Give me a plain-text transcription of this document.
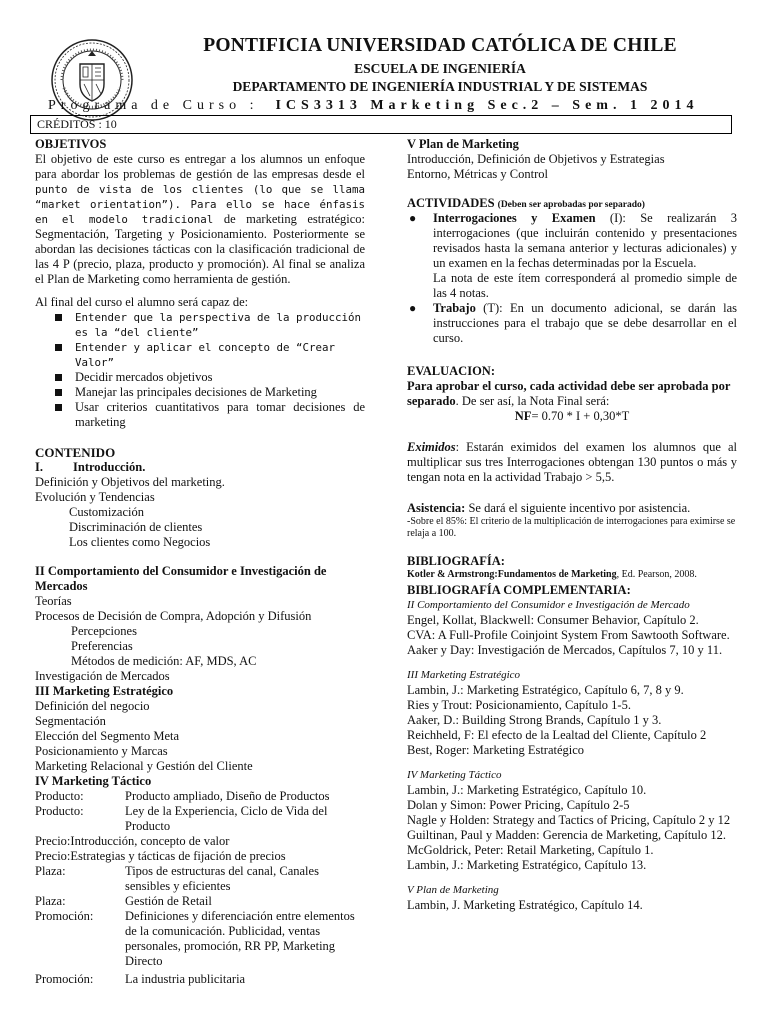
PONTIFICIA UNIVERSIDAD CATÓLICA DE CHILE
ESCUELA DE INGENIERÍA
DEPARTAMENTO DE INGENIERÍA INDUSTRIAL Y DE SISTEMAS
Programa de Curso : ICS3313 Marketing Sec.2 – Sem. 1 2014
CRÉDITOS : 10
OBJETIVOS
El objetivo de este curso es entregar a los alumnos un enfoque para abordar los problemas de gestión de las empresas desde el punto de vista de los clientes (lo que se llama “market orientation”). Para ello se hace énfasis en el modelo tradicional de marketing estratégico: Segmentación, Targeting y Posicionamiento. Posteriormente se abordan las decisiones tácticas con la clasificación tradicional de las 4 P (precio, plaza, producto y promoción). Al final se analiza el Plan de Marketing como herramienta de gestión.
Al final del curso el alumno será capaz de:
Entender que la perspectiva de la producción es la “del cliente”
Entender y aplicar el concepto de “Crear Valor”
Decidir mercados objetivos
Manejar las principales decisiones de Marketing
Usar criterios cuantitativos para tomar decisiones de marketing
CONTENIDO
I. Introducción.
Definición y Objetivos del marketing.
Evolución y Tendencias
Customización
Discriminación de clientes
Los clientes como Negocios
II Comportamiento del Consumidor e Investigación de Mercados
Teorías
Procesos de Decisión de Compra, Adopción y Difusión
Percepciones
Preferencias
Métodos de medición: AF, MDS, AC
Investigación de Mercados
III Marketing Estratégico
Definición del negocio
Segmentación
Elección del Segmento Meta
Posicionamiento y Marcas
Marketing Relacional y Gestión del Cliente
IV Marketing Táctico
Producto:	Producto ampliado, Diseño de Productos
Producto:	Ley de la Experiencia, Ciclo de Vida del Producto
Precio:Introducción, concepto de valor
Precio:Estrategias y tácticas de fijación de precios
Plaza:	Tipos de estructuras del canal, Canales sensibles y eficientes
Plaza:	Gestión de Retail
Promoción:	Definiciones y diferenciación entre elementos de la comunicación. Publicidad, ventas personales, promoción, RR PP, Marketing Directo
Promoción:	La industria publicitaria
V Plan de Marketing
Introducción, Definición de Objetivos y Estrategias
Entorno, Métricas y Control
ACTIVIDADES (Deben ser aprobadas por separado)
●	Interrogaciones y Examen (I): Se realizarán 3 interrogaciones (que incluirán contenido y presentaciones revisados hasta la semana anterior y lecturas adicionales) y un examen en la fechas determinadas por la Escuela.
La nota de este ítem corresponderá al promedio simple de las 4 notas.
●	Trabajo (T): En un documento adicional, se darán las instrucciones para el trabajo que se debe desarrollar en el curso.
EVALUACION:
Para aprobar el curso, cada actividad debe ser aprobada por separado. De ser así, la Nota Final será:
NF= 0.70 * I + 0,30*T
Eximidos: Estarán eximidos del examen los alumnos que al multiplicar sus tres Interrogaciones obtengan 130 puntos o más y tengan nota en la actividad Trabajo > 5,5.
Asistencia: Se dará el siguiente incentivo por asistencia.
-Sobre el 85%: El criterio de la multiplicación de interrogaciones para eximirse se relaja a 100.
BIBLIOGRAFÍA:
Kotler & Armstrong:Fundamentos de Marketing, Ed. Pearson, 2008.
BIBLIOGRAFÍA COMPLEMENTARIA:
II Comportamiento del Consumidor e Investigación de Mercado
Engel, Kollat, Blackwell: Consumer Behavior, Capítulo 2.
CVA: A Full-Profile Coinjoint System From Sawtooth Software.
Aaker y Day: Investigación de Mercados, Capítulos 7, 10 y 11.
III Marketing Estratégico
Lambin, J.: Marketing Estratégico, Capítulo 6, 7, 8 y 9.
Ries y Trout: Posicionamiento, Capítulo 1-5.
Aaker, D.: Building Strong Brands, Capítulo 1 y 3.
Reichheld, F: El efecto de la Lealtad del Cliente, Capítulo 2
Best, Roger: Marketing Estratégico
IV Marketing Táctico
Lambin, J.: Marketing Estratégico, Capítulo 10.
Dolan y Simon: Power Pricing, Capítulo 2-5
Nagle y Holden: Strategy and Tactics of Pricing, Capítulo 2 y 12
Guiltinan, Paul y Madden: Gerencia de Marketing, Capítulo 12.
McGoldrick, Peter: Retail Marketing, Capítulo 1.
Lambin, J.: Marketing Estratégico, Capítulo 13.
V Plan de Marketing
Lambin, J. Marketing Estratégico, Capítulo 14.
